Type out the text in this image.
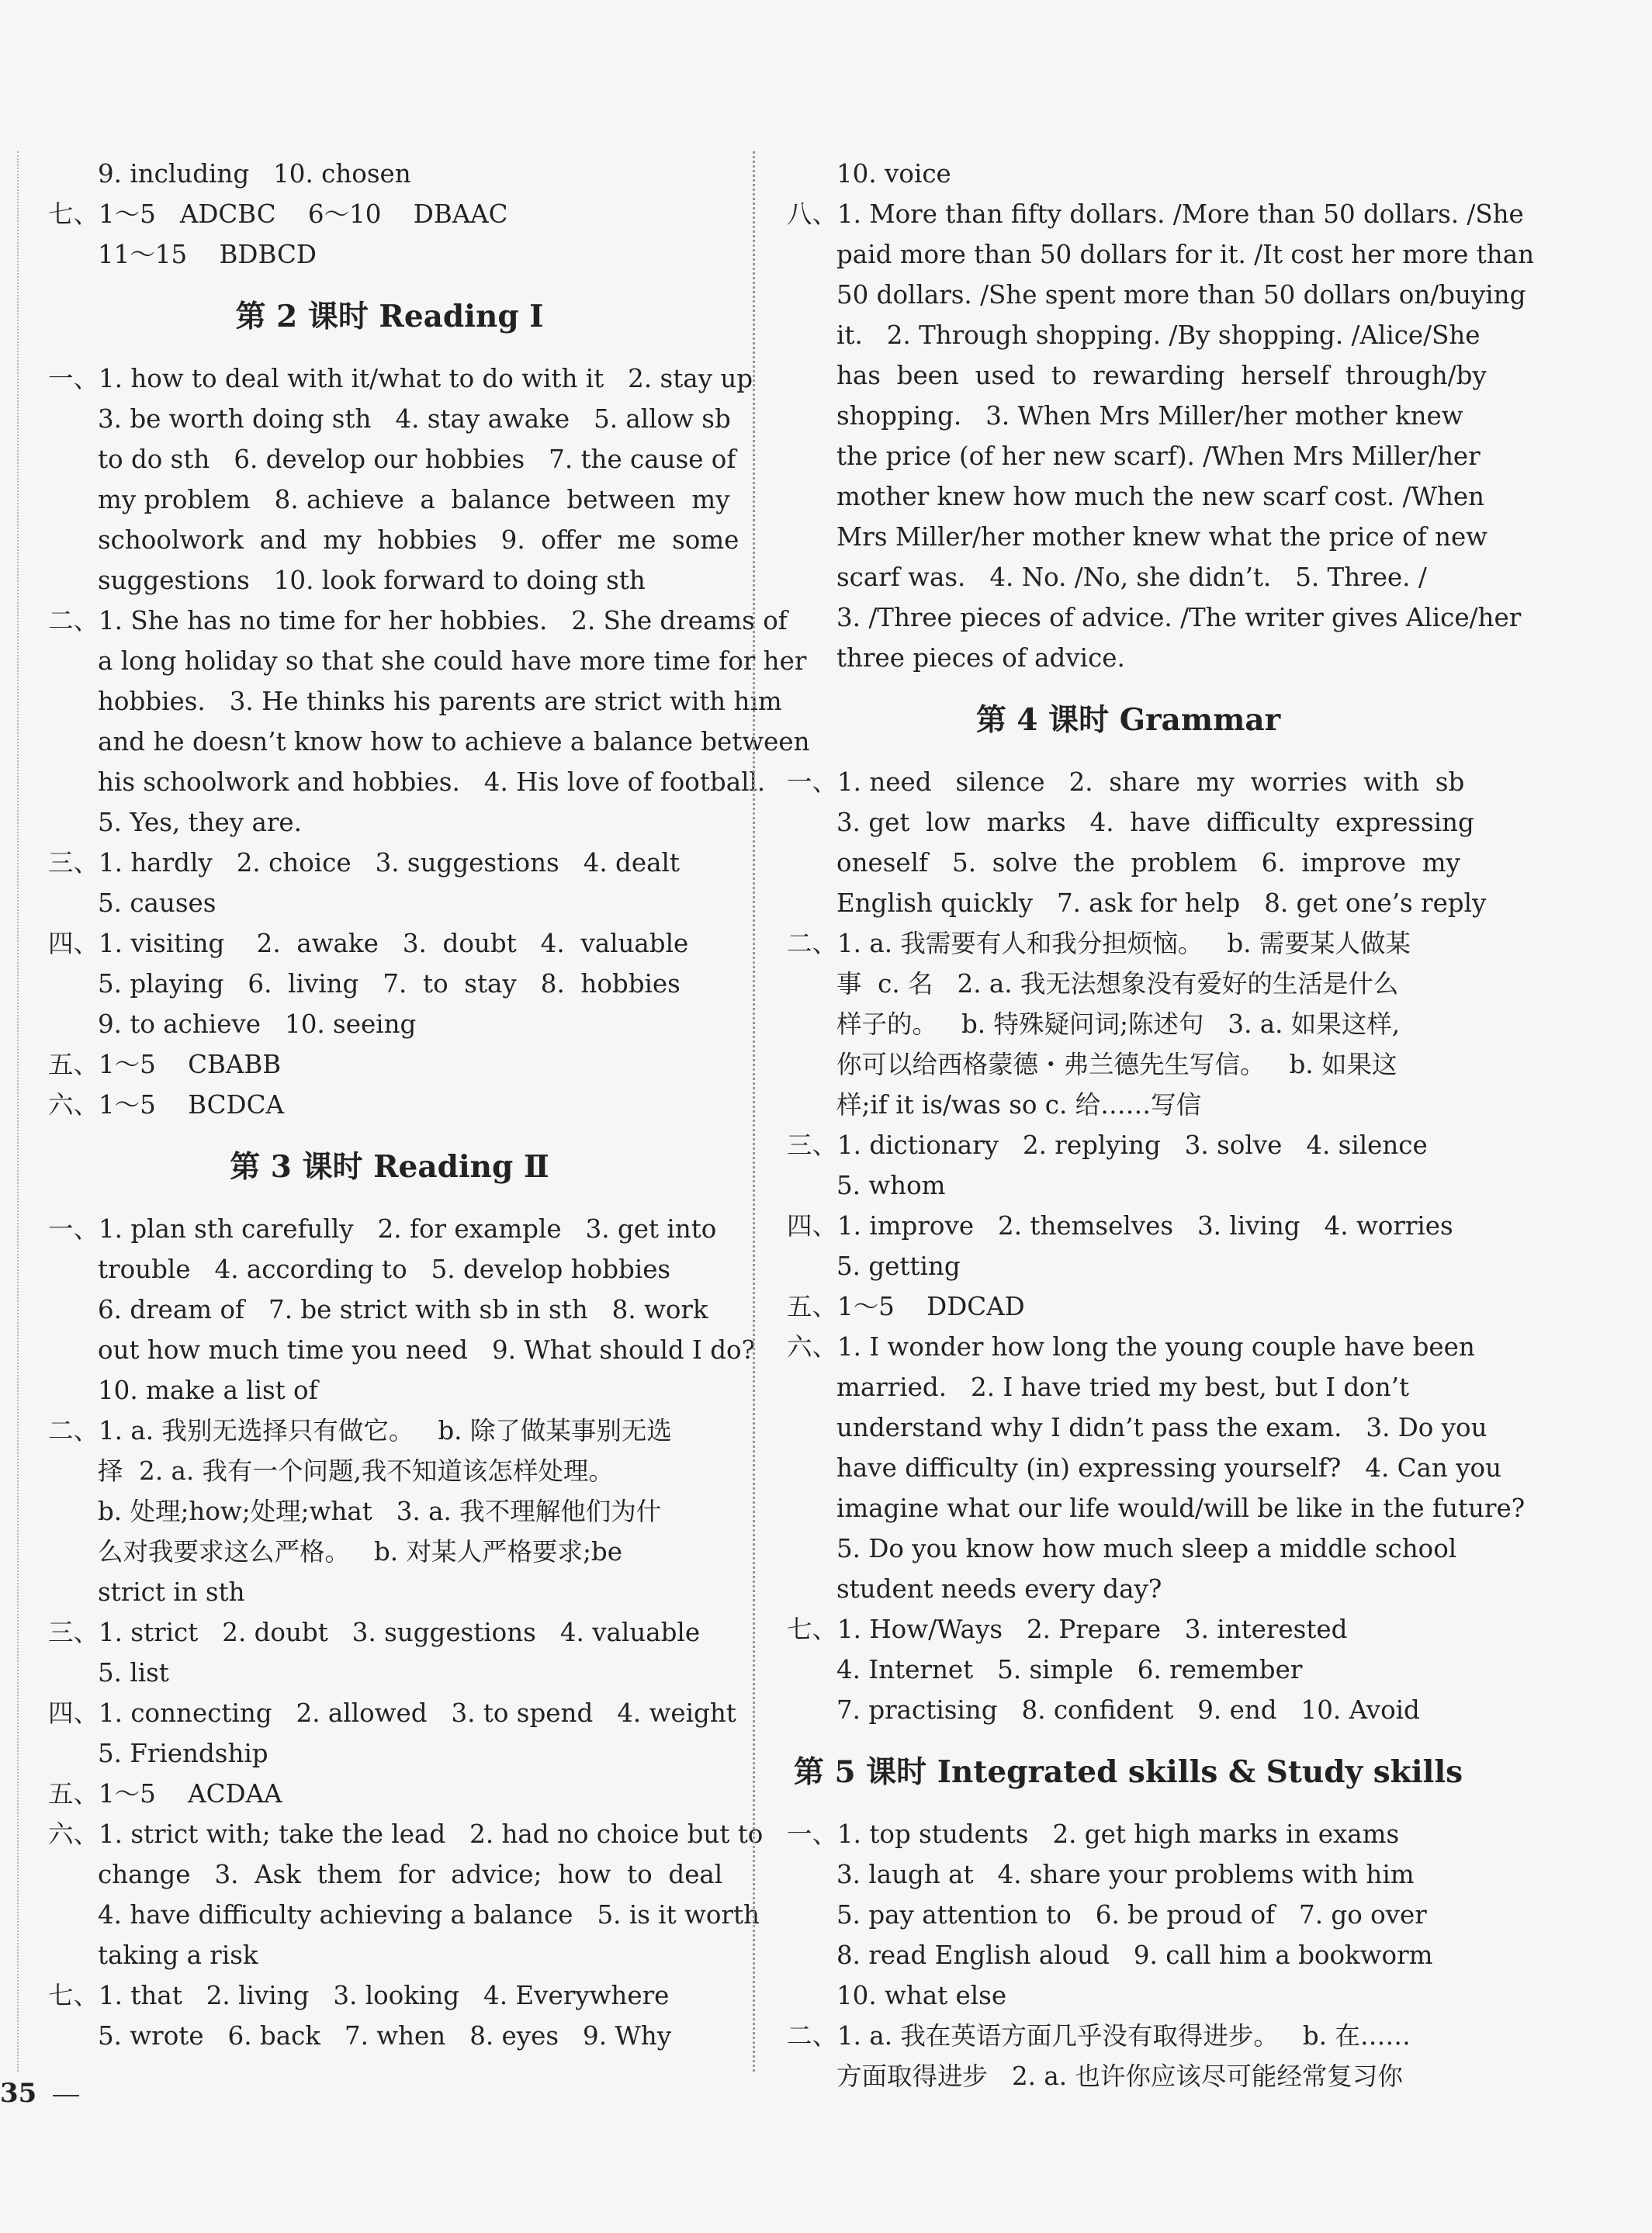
9. including   10. chosen
七、1～5   ADCBC    6～10    DBAAC
11～15    BDBCD
第 2 课时 Reading Ⅰ
一、1. how to deal with it/what to do with it   2. stay up
3. be worth doing sth   4. stay awake   5. allow sb
to do sth   6. develop our hobbies   7. the cause of
my problem   8. achieve  a  balance  between  my
schoolwork  and  my  hobbies   9.  offer  me  some
suggestions   10. look forward to doing sth
二、1. She has no time for her hobbies.   2. She dreams of
a long holiday so that she could have more time for her
hobbies.   3. He thinks his parents are strict with him
and he doesn’t know how to achieve a balance between
his schoolwork and hobbies.   4. His love of football.
5. Yes, they are.
三、1. hardly   2. choice   3. suggestions   4. dealt
5. causes
四、1. visiting    2.  awake   3.  doubt   4.  valuable
5. playing   6.  living   7.  to  stay   8.  hobbies
9. to achieve   10. seeing
五、1～5    CBABB
六、1～5    BCDCA
第 3 课时 Reading Ⅱ
一、1. plan sth carefully   2. for example   3. get into
trouble   4. according to   5. develop hobbies
6. dream of   7. be strict with sb in sth   8. work
out how much time you need   9. What should I do?
10. make a list of
二、1. a. 我别无选择只有做它。   b. 除了做某事别无选
择  2. a. 我有一个问题,我不知道该怎样处理。
b. 处理;how;处理;what   3. a. 我不理解他们为什
么对我要求这么严格。   b. 对某人严格要求;be
strict in sth
三、1. strict   2. doubt   3. suggestions   4. valuable
5. list
四、1. connecting   2. allowed   3. to spend   4. weight
5. Friendship
五、1～5    ACDAA
六、1. strict with; take the lead   2. had no choice but to
change   3.  Ask  them  for  advice;  how  to  deal
4. have difficulty achieving a balance   5. is it worth
taking a risk
七、1. that   2. living   3. looking   4. Everywhere
5. wrote   6. back   7. when   8. eyes   9. Why
10. voice
八、1. More than fifty dollars. /More than 50 dollars. /She
paid more than 50 dollars for it. /It cost her more than
50 dollars. /She spent more than 50 dollars on/buying
it.   2. Through shopping. /By shopping. /Alice/She
has  been  used  to  rewarding  herself  through/by
shopping.   3. When Mrs Miller/her mother knew
the price (of her new scarf). /When Mrs Miller/her
mother knew how much the new scarf cost. /When
Mrs Miller/her mother knew what the price of new
scarf was.   4. No. /No, she didn’t.   5. Three. /
3. /Three pieces of advice. /The writer gives Alice/her
three pieces of advice.
第 4 课时 Grammar
一、1. need   silence   2.  share  my  worries  with  sb
3. get  low  marks   4.  have  difficulty  expressing
oneself   5.  solve  the  problem   6.  improve  my
English quickly   7. ask for help   8. get one’s reply
二、1. a. 我需要有人和我分担烦恼。   b. 需要某人做某
事  c. 名   2. a. 我无法想象没有爱好的生活是什么
样子的。   b. 特殊疑问词;陈述句   3. a. 如果这样,
你可以给西格蒙德・弗兰德先生写信。   b. 如果这
样;if it is/was so c. 给……写信
三、1. dictionary   2. replying   3. solve   4. silence
5. whom
四、1. improve   2. themselves   3. living   4. worries
5. getting
五、1～5    DDCAD
六、1. I wonder how long the young couple have been
married.   2. I have tried my best, but I don’t
understand why I didn’t pass the exam.   3. Do you
have difficulty (in) expressing yourself?   4. Can you
imagine what our life would/will be like in the future?
5. Do you know how much sleep a middle school
student needs every day?
七、1. How/Ways   2. Prepare   3. interested
4. Internet   5. simple   6. remember
7. practising   8. confident   9. end   10. Avoid
第 5 课时 Integrated skills & Study skills
一、1. top students   2. get high marks in exams
3. laugh at   4. share your problems with him
5. pay attention to   6. be proud of   7. go over
8. read English aloud   9. call him a bookworm
10. what else
二、1. a. 我在英语方面几乎没有取得进步。   b. 在……
方面取得进步   2. a. 也许你应该尽可能经常复习你
35
